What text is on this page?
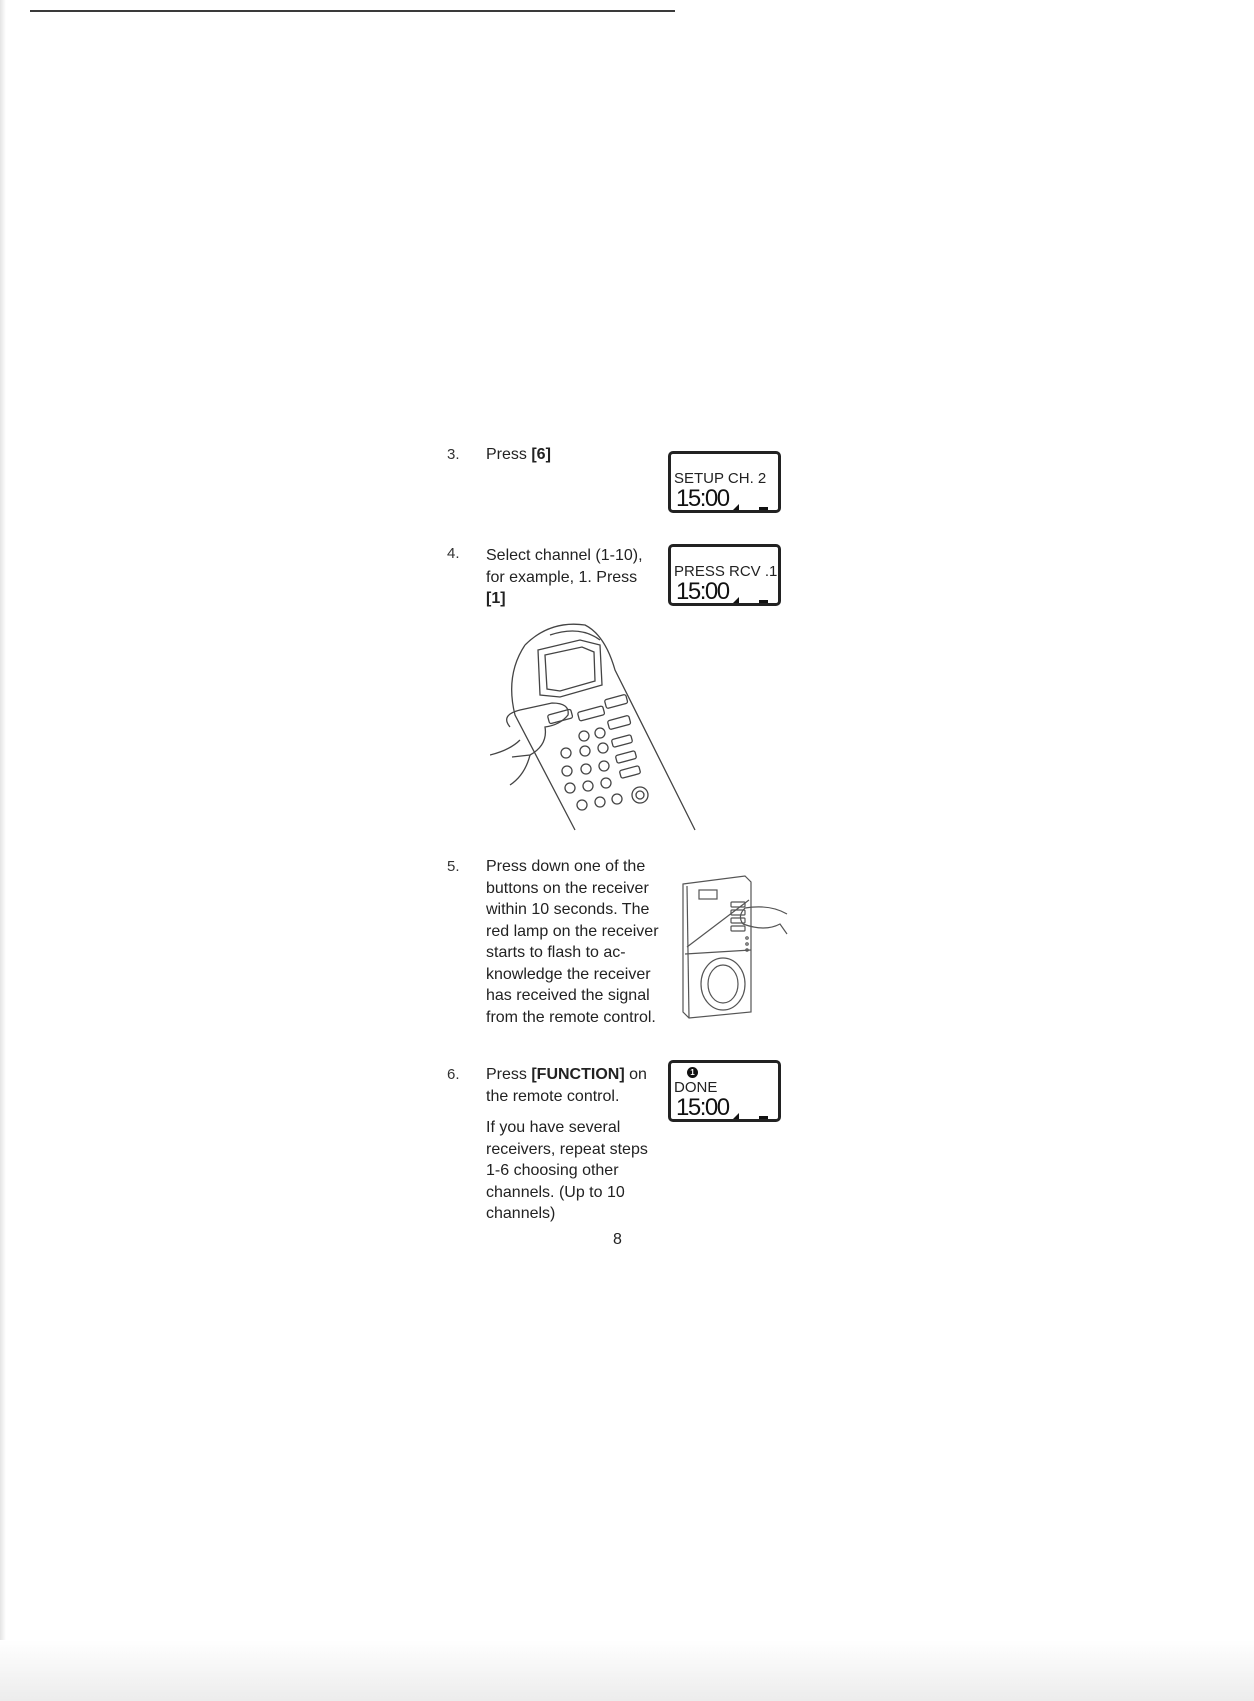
3. Press [6]
SETUP CH. 2
15:00
4. Select channel (1-10), for example, 1. Press [1]
PRESS RCV .1
15:00
5. Press down one of the buttons on the receiver within 10 seconds. The red lamp on the receiver starts to flash to ac-knowledge the receiver has received the signal from the remote control.
6. Press [FUNCTION] on the remote control.

If you have several receivers, repeat steps 1-6 choosing other channels. (Up to 10 channels)

1
DONE
15:00
8
